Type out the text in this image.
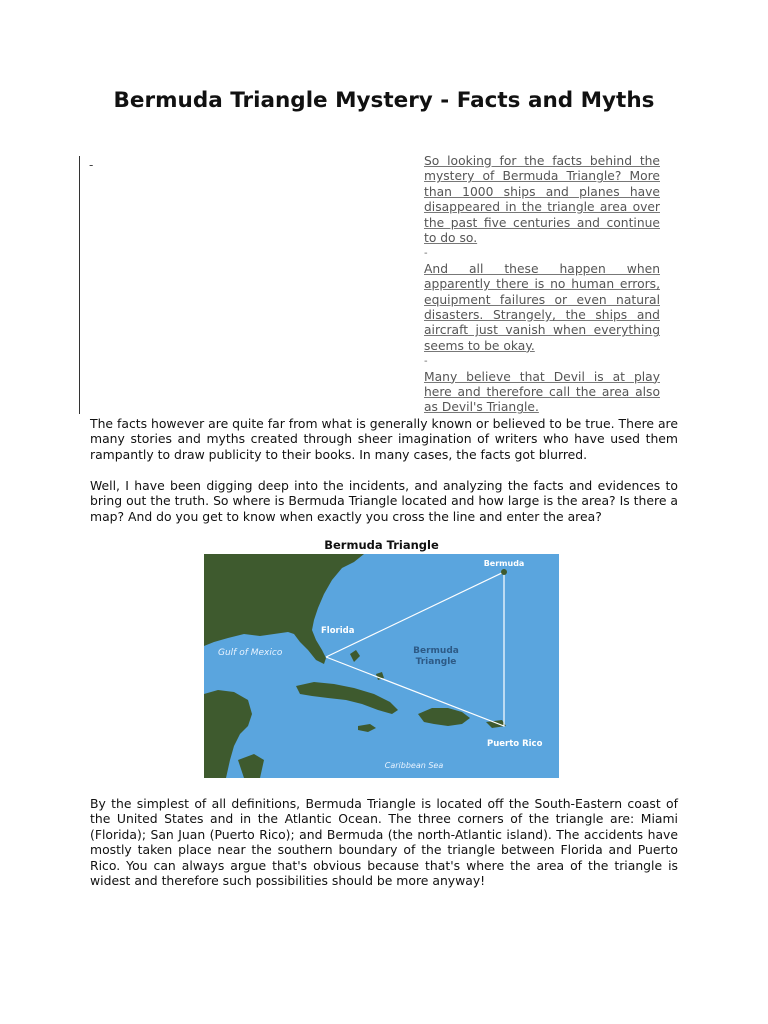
Bermuda Triangle Mystery - Facts and Myths
-	So looking for the facts behind the mystery of Bermuda Triangle? More than 1000 ships and planes have disappeared in the triangle area over the past five centuries and continue to do so.

-

And all these happen when apparently there is no human errors, equipment failures or even natural disasters. Strangely, the ships and aircraft just vanish when everything seems to be okay.

-

Many believe that Devil is at play here and therefore call the area also as Devil's Triangle.

The facts however are quite far from what is generally known or believed to be true. There are many stories and myths created through sheer imagination of writers who have used them rampantly to draw publicity to their books. In many cases, the facts got blurred.

Well, I have been digging deep into the incidents, and analyzing the facts and evidences to bring out the truth. So where is Bermuda Triangle located and how large is the area? Is there a map? And do you get to know when exactly you cross the line and enter the area?

Bermuda Triangle
Bermuda
Florida
Gulf of Mexico	Bermuda
Triangle
Puerto Rico
Caribbean Sea

By the simplest of all definitions, Bermuda Triangle is located off the South-Eastern coast of the United States and in the Atlantic Ocean. The three corners of the triangle are: Miami (Florida); San Juan (Puerto Rico); and Bermuda (the north-Atlantic island). The accidents have mostly taken place near the southern boundary of the triangle between Florida and Puerto Rico. You can always argue that's obvious because that's where the area of the triangle is widest and therefore such possibilities should be more anyway!
